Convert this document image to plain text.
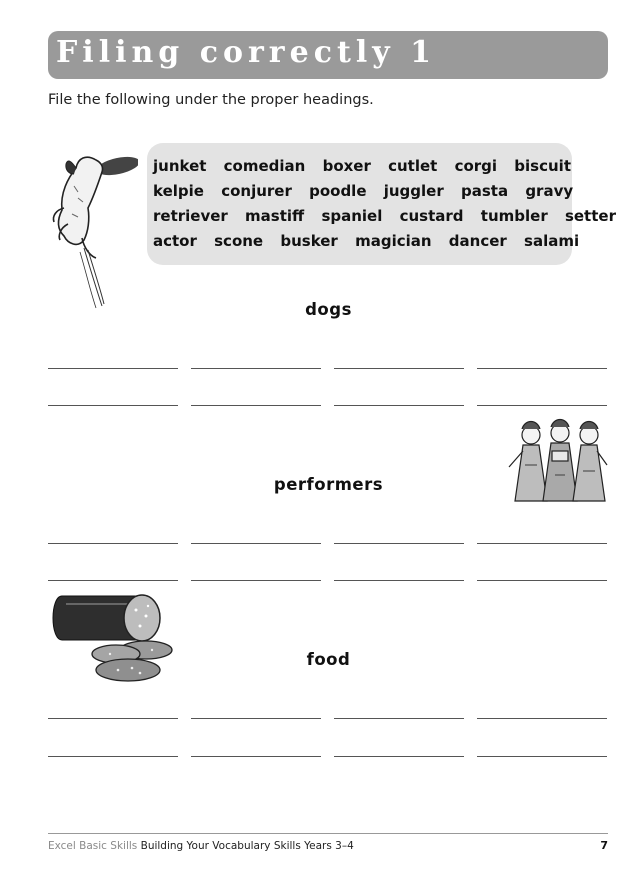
Filing correctly 1
File the following under the proper headings.
junket comedian boxer cutlet corgi biscuit
kelpie conjurer poodle juggler pasta gravy
retriever mastiff spaniel custard tumbler setter
actor scone busker magician dancer salami
dogs
performers
food
Excel Basic Skills Building Your Vocabulary Skills Years 3–4	7
